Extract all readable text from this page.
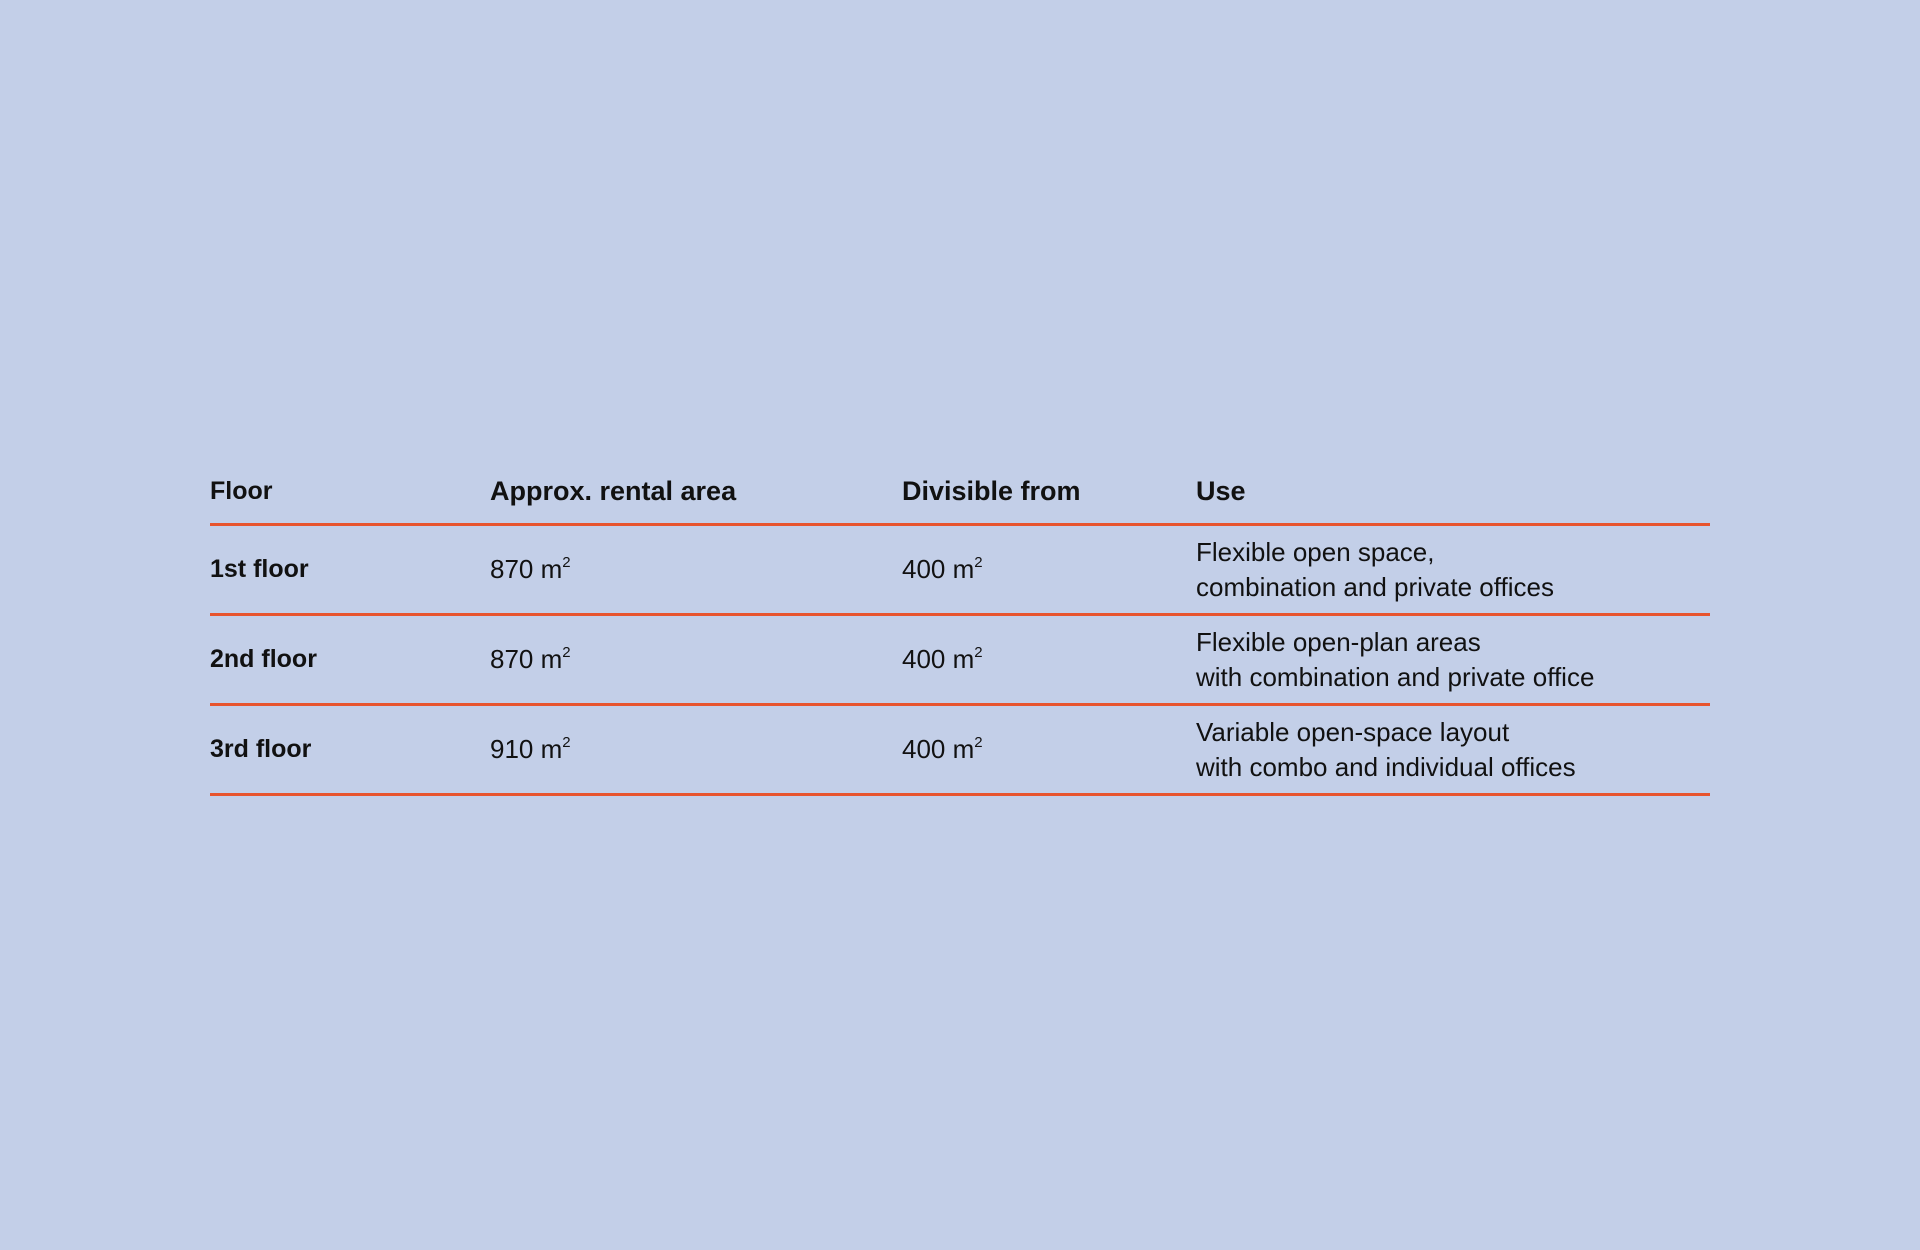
Floor	Approx. rental area	Divisible from	Use
1st floor	870 $m^2$	400 $m^2$	Flexible open space,
combination and private offices
2nd floor	870 $m^2$	400 $m^2$	Flexible open-plan areas
with combination and private office
3rd floor	910 $m^2$	400 $m^2$	Variable open-space layout
with combo and individual offices
